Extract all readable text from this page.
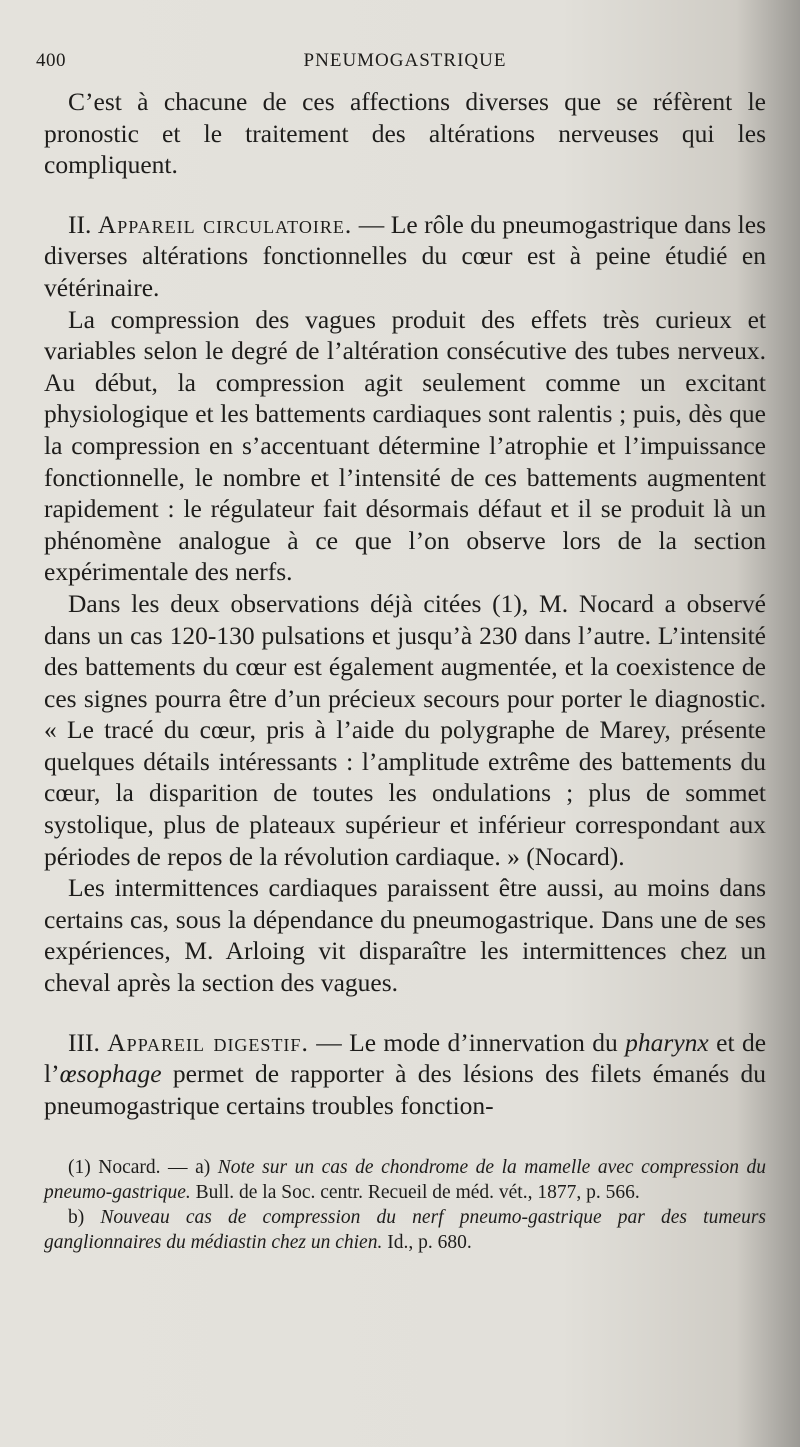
400	PNEUMOGASTRIQUE

C’est à chacune de ces affections diverses que se réfèrent le pronostic et le traitement des altérations nerveuses qui les compliquent.

II. Appareil circulatoire. — Le rôle du pneumogastrique dans les diverses altérations fonctionnelles du cœur est à peine étudié en vétérinaire.

La compression des vagues produit des effets très curieux et variables selon le degré de l’altération consécutive des tubes nerveux. Au début, la compression agit seulement comme un excitant physiologique et les battements cardiaques sont ralentis ; puis, dès que la compression en s’accentuant détermine l’atrophie et l’impuissance fonctionnelle, le nombre et l’intensité de ces battements augmentent rapidement : le régulateur fait désormais défaut et il se produit là un phénomène analogue à ce que l’on observe lors de la section expérimentale des nerfs.

Dans les deux observations déjà citées (1), M. Nocard a observé dans un cas 120-130 pulsations et jusqu’à 230 dans l’autre. L’intensité des battements du cœur est également augmentée, et la coexistence de ces signes pourra être d’un précieux secours pour porter le diagnostic. « Le tracé du cœur, pris à l’aide du polygraphe de Marey, présente quelques détails intéressants : l’amplitude extrême des battements du cœur, la disparition de toutes les ondulations ; plus de sommet systolique, plus de plateaux supérieur et inférieur correspondant aux périodes de repos de la révolution cardiaque. » (Nocard).

Les intermittences cardiaques paraissent être aussi, au moins dans certains cas, sous la dépendance du pneumogastrique. Dans une de ses expériences, M. Arloing vit disparaître les intermittences chez un cheval après la section des vagues.

III. Appareil digestif. — Le mode d’innervation du pharynx et de l’œsophage permet de rapporter à des lésions des filets émanés du pneumogastrique certains troubles fonction-

(1) Nocard. — a) Note sur un cas de chondrome de la mamelle avec compression du pneumo-gastrique. Bull. de la Soc. centr. Recueil de méd. vét., 1877, p. 566.

b) Nouveau cas de compression du nerf pneumo-gastrique par des tumeurs ganglionnaires du médiastin chez un chien. Id., p. 680.
